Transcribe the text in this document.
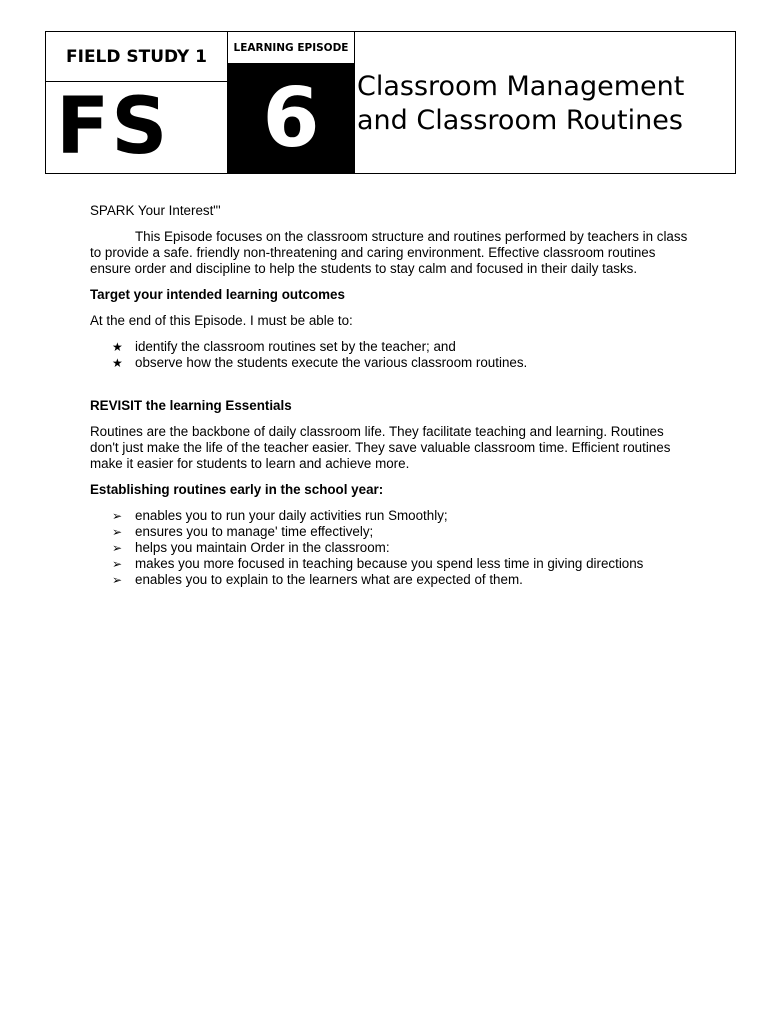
FIELD STUDY 1
FS
LEARNING EPISODE
6	Classroom Management
and Classroom Routines

SPARK Your Interest"'

This Episode focuses on the classroom structure and routines performed by teachers in class to provide a safe. friendly non-threatening and caring environment. Effective classroom routines ensure order and discipline to help the students to stay calm and focused in their daily tasks.

Target your intended learning outcomes

At the end of this Episode. I must be able to:

★ identify the classroom routines set by the teacher; and
★ observe how the students execute the various classroom routines.

REVISIT the learning Essentials

Routines are the backbone of daily classroom life. They facilitate teaching and learning. Routines don't just make the life of the teacher easier. They save valuable classroom time. Efficient routines make it easier for students to learn and achieve more.

Establishing routines early in the school year:

➢ enables you to run your daily activities run Smoothly;
➢ ensures you to manage' time effectively;
➢ helps you maintain Order in the classroom:
➢ makes you more focused in teaching because you spend less time in giving directions
➢ enables you to explain to the learners what are expected of them.
